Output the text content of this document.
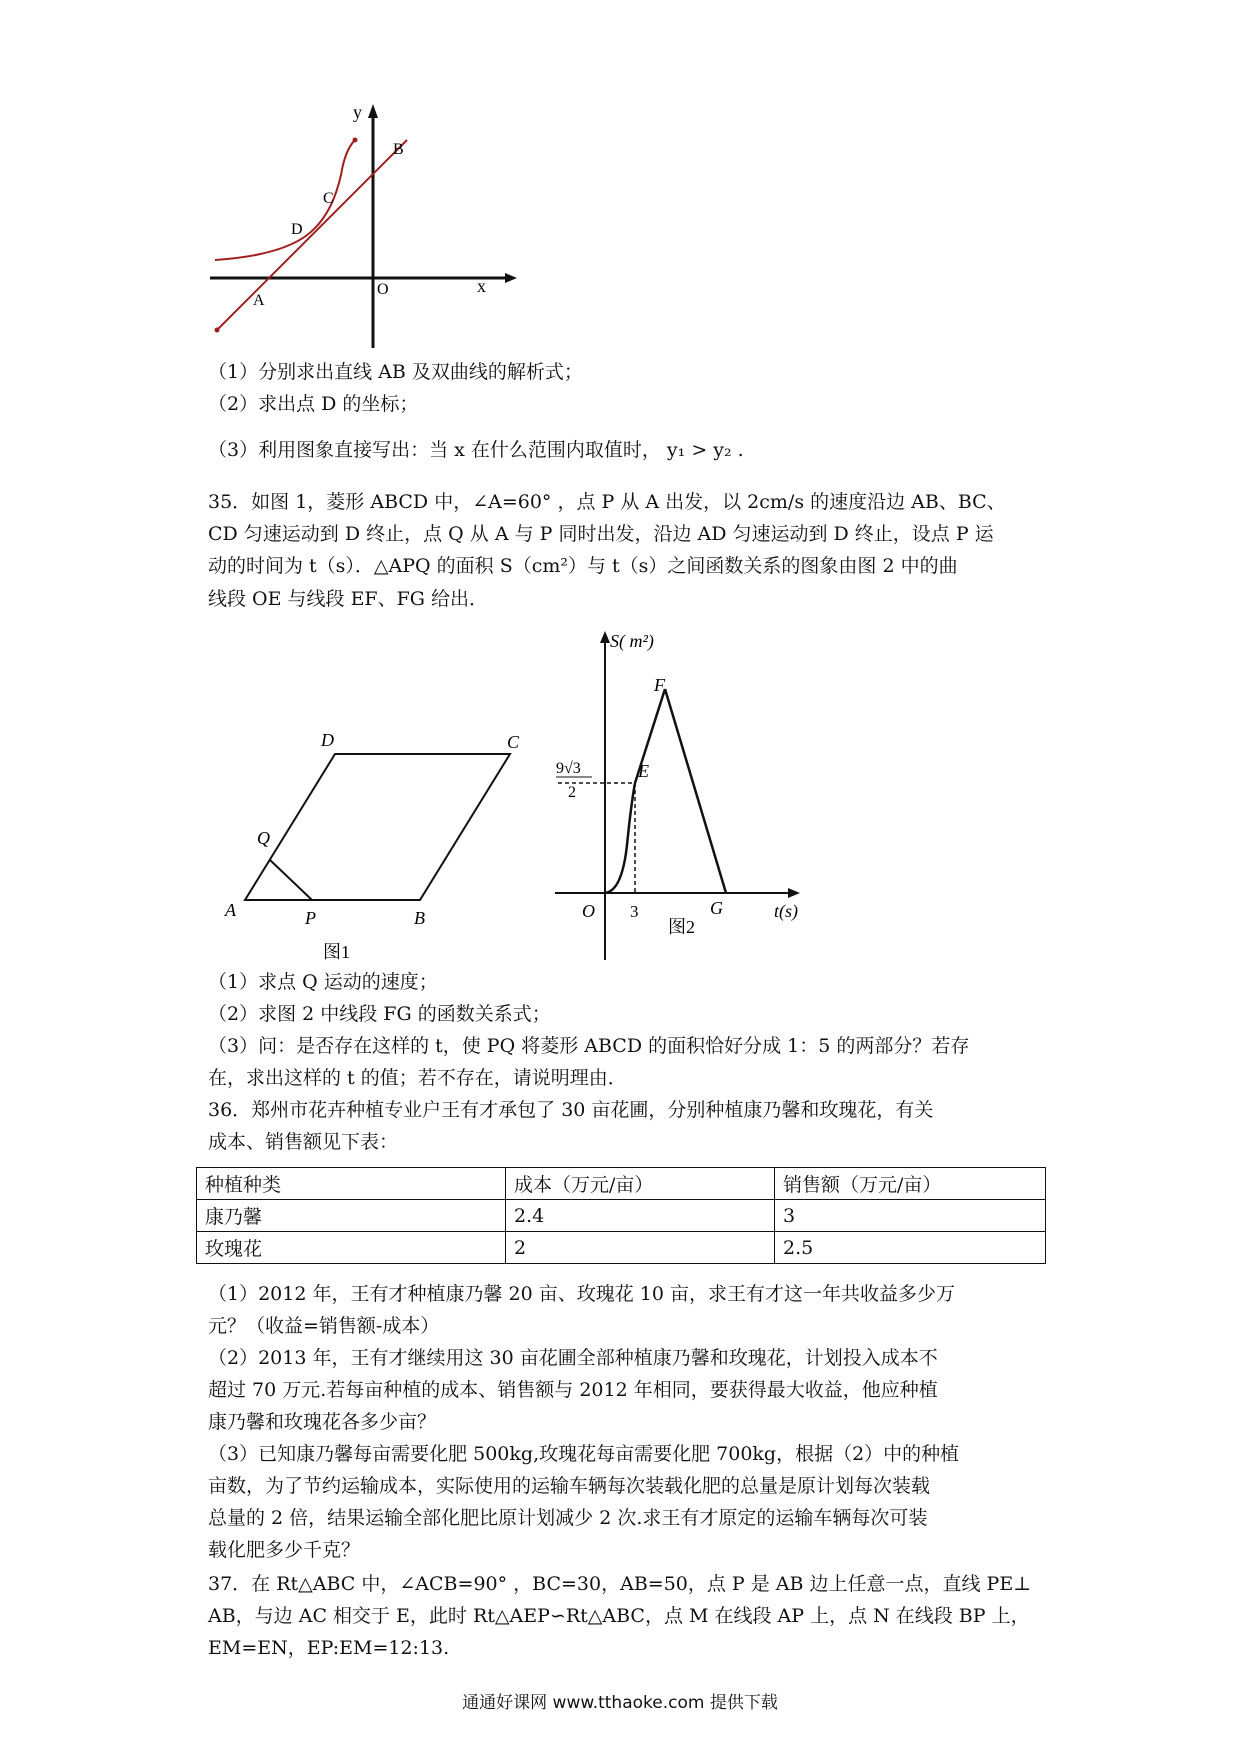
y
x
O
A
B
C
D
（1）分别求出直线 AB 及双曲线的解析式；
（2）求出点 D 的坐标；
（3）利用图象直接写出：当 x 在什么范围内取值时， y₁ > y₂ .
35．如图 1，菱形 ABCD 中，∠A=60° ，点 P 从 A 出发，以 2cm/s 的速度沿边 AB、BC、
CD 匀速运动到 D 终止，点 Q 从 A 与 P 同时出发，沿边 AD 匀速运动到 D 终止，设点 P 运
动的时间为 t（s）．△APQ 的面积 S（cm²）与 t（s）之间函数关系的图象由图 2 中的曲
线段 OE 与线段 EF、FG 给出．
A	B
C
D
P
Q
图1
S( m²)
t(s)
O 3	G
E
F
9√3
2
图2
（1）求点 Q 运动的速度；
（2）求图 2 中线段 FG 的函数关系式；
（3）问：是否存在这样的 t，使 PQ 将菱形 ABCD 的面积恰好分成 1：5 的两部分？若存
在，求出这样的 t 的值；若不存在，请说明理由．
36．郑州市花卉种植专业户王有才承包了 30 亩花圃，分别种植康乃馨和玫瑰花，有关
成本、销售额见下表：
种植种类	成本（万元/亩）	销售额（万元/亩）
康乃馨	2.4	3
玫瑰花	2	2.5
（1）2012 年，王有才种植康乃馨 20 亩、玫瑰花 10 亩，求王有才这一年共收益多少万
元？（收益=销售额-成本）
（2）2013 年，王有才继续用这 30 亩花圃全部种植康乃馨和玫瑰花，计划投入成本不
超过 70 万元.若每亩种植的成本、销售额与 2012 年相同，要获得最大收益，他应种植
康乃馨和玫瑰花各多少亩？
（3）已知康乃馨每亩需要化肥 500kg,玫瑰花每亩需要化肥 700kg，根据（2）中的种植
亩数，为了节约运输成本，实际使用的运输车辆每次装载化肥的总量是原计划每次装载
总量的 2 倍，结果运输全部化肥比原计划减少 2 次.求王有才原定的运输车辆每次可装
载化肥多少千克？
37．在 Rt△ABC 中，∠ACB=90° ，BC=30，AB=50，点 P 是 AB 边上任意一点，直线 PE⊥
AB，与边 AC 相交于 E，此时 Rt△AEP∽Rt△ABC，点 M 在线段 AP 上，点 N 在线段 BP 上，
EM=EN，EP:EM=12:13.
通通好课网 www.tthaoke.com 提供下载
